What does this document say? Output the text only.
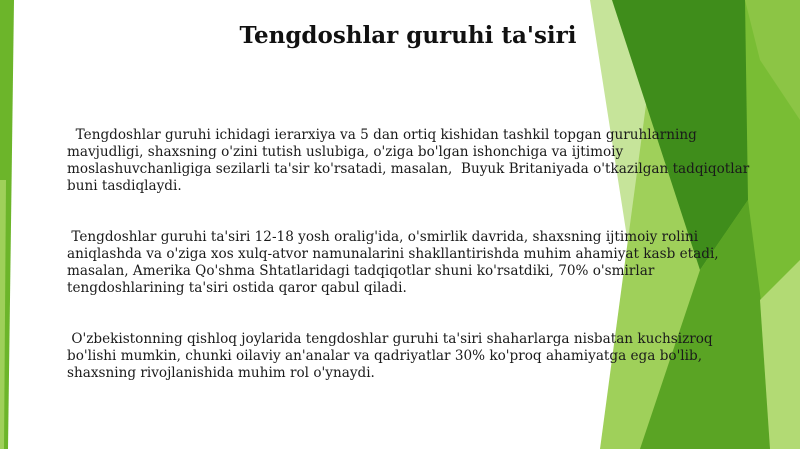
Tengdoshlar guruhi ta'siri

Tengdoshlar guruhi ichidagi ierarxiya va 5 dan ortiq kishidan tashkil topgan guruhlarning mavjudligi, shaxsning o'zini tutish uslubiga, o'ziga bo'lgan ishonchiga va ijtimoiy moslashuvchanligiga sezilarli ta'sir ko'rsatadi, masalan,  Buyuk Britaniyada o'tkazilgan tadqiqotlar buni tasdiqlaydi.

Tengdoshlar guruhi ta'siri 12-18 yosh oralig'ida, o'smirlik davrida, shaxsning ijtimoiy rolini aniqlashda va o'ziga xos xulq-atvor namunalarini shakllantirishda muhim ahamiyat kasb etadi, masalan, Amerika Qo'shma Shtatlaridagi tadqiqotlar shuni ko'rsatdiki, 70% o'smirlar tengdoshlarining ta'siri ostida qaror qabul qiladi.

O'zbekistonning qishloq joylarida tengdoshlar guruhi ta'siri shaharlarga nisbatan kuchsizroq bo'lishi mumkin, chunki oilaviy an'analar va qadriyatlar 30% ko'proq ahamiyatga ega bo'lib, shaxsning rivojlanishida muhim rol o'ynaydi.
